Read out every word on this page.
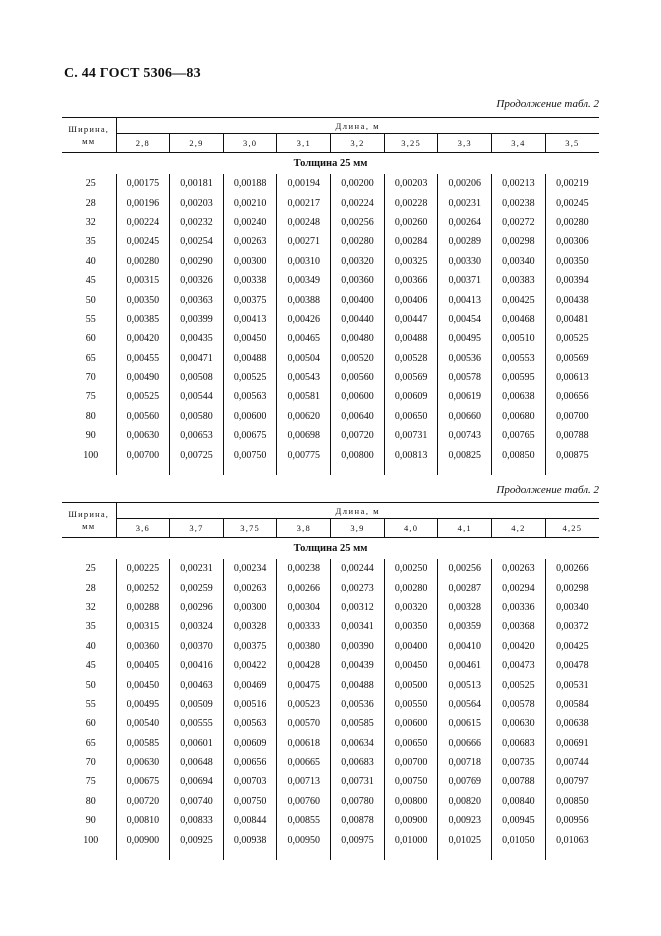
С. 44 ГОСТ 5306—83
Продолжение табл. 2
Ширина,
мм	Длина, м								
	2,8	2,9	3,0	3,1	3,2	3,25	3,3	3,4	3,5
Толщина 25 мм									
25	0,00175	0,00181	0,00188	0,00194	0,00200	0,00203	0,00206	0,00213	0,00219
28	0,00196	0,00203	0,00210	0,00217	0,00224	0,00228	0,00231	0,00238	0,00245
32	0,00224	0,00232	0,00240	0,00248	0,00256	0,00260	0,00264	0,00272	0,00280
35	0,00245	0,00254	0,00263	0,00271	0,00280	0,00284	0,00289	0,00298	0,00306
40	0,00280	0,00290	0,00300	0,00310	0,00320	0,00325	0,00330	0,00340	0,00350
45	0,00315	0,00326	0,00338	0,00349	0,00360	0,00366	0,00371	0,00383	0,00394
50	0,00350	0,00363	0,00375	0,00388	0,00400	0,00406	0,00413	0,00425	0,00438
55	0,00385	0,00399	0,00413	0,00426	0,00440	0,00447	0,00454	0,00468	0,00481
60	0,00420	0,00435	0,00450	0,00465	0,00480	0,00488	0,00495	0,00510	0,00525
65	0,00455	0,00471	0,00488	0,00504	0,00520	0,00528	0,00536	0,00553	0,00569
70	0,00490	0,00508	0,00525	0,00543	0,00560	0,00569	0,00578	0,00595	0,00613
75	0,00525	0,00544	0,00563	0,00581	0,00600	0,00609	0,00619	0,00638	0,00656
80	0,00560	0,00580	0,00600	0,00620	0,00640	0,00650	0,00660	0,00680	0,00700
90	0,00630	0,00653	0,00675	0,00698	0,00720	0,00731	0,00743	0,00765	0,00788
100	0,00700	0,00725	0,00750	0,00775	0,00800	0,00813	0,00825	0,00850	0,00875

Продолжение табл. 2
Ширина,
мм	Длина, м								
	3,6	3,7	3,75	3,8	3,9	4,0	4,1	4,2	4,25
Толщина 25 мм									
25	0,00225	0,00231	0,00234	0,00238	0,00244	0,00250	0,00256	0,00263	0,00266
28	0,00252	0,00259	0,00263	0,00266	0,00273	0,00280	0,00287	0,00294	0,00298
32	0,00288	0,00296	0,00300	0,00304	0,00312	0,00320	0,00328	0,00336	0,00340
35	0,00315	0,00324	0,00328	0,00333	0,00341	0,00350	0,00359	0,00368	0,00372
40	0,00360	0,00370	0,00375	0,00380	0,00390	0,00400	0,00410	0,00420	0,00425
45	0,00405	0,00416	0,00422	0,00428	0,00439	0,00450	0,00461	0,00473	0,00478
50	0,00450	0,00463	0,00469	0,00475	0,00488	0,00500	0,00513	0,00525	0,00531
55	0,00495	0,00509	0,00516	0,00523	0,00536	0,00550	0,00564	0,00578	0,00584
60	0,00540	0,00555	0,00563	0,00570	0,00585	0,00600	0,00615	0,00630	0,00638
65	0,00585	0,00601	0,00609	0,00618	0,00634	0,00650	0,00666	0,00683	0,00691
70	0,00630	0,00648	0,00656	0,00665	0,00683	0,00700	0,00718	0,00735	0,00744
75	0,00675	0,00694	0,00703	0,00713	0,00731	0,00750	0,00769	0,00788	0,00797
80	0,00720	0,00740	0,00750	0,00760	0,00780	0,00800	0,00820	0,00840	0,00850
90	0,00810	0,00833	0,00844	0,00855	0,00878	0,00900	0,00923	0,00945	0,00956
100	0,00900	0,00925	0,00938	0,00950	0,00975	0,01000	0,01025	0,01050	0,01063
